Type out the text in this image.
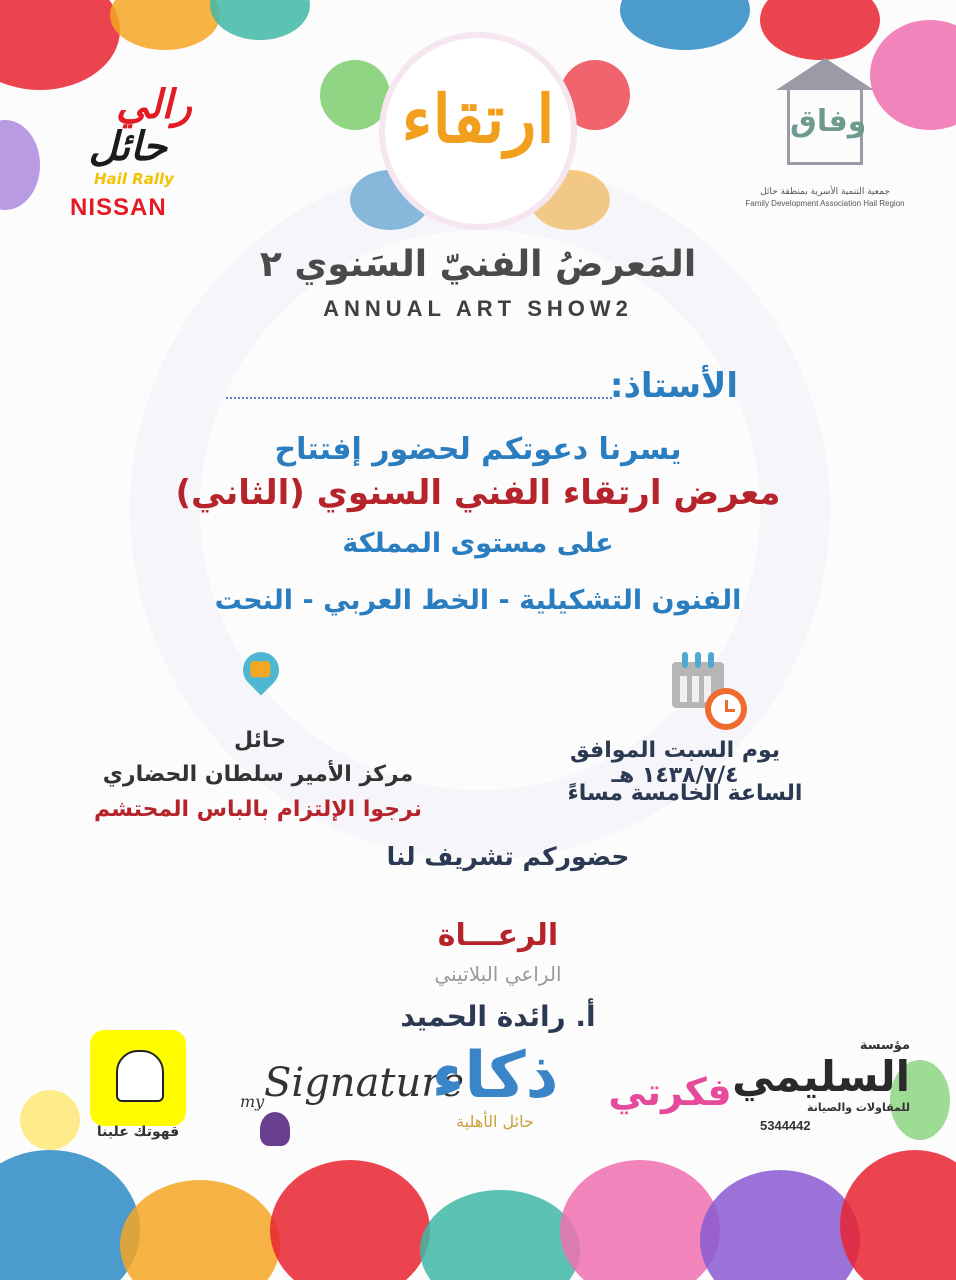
ارتقاء
رالي
حائل
Hail Rally
NISSAN
وفاق
جمعية التنمية الأسرية بمنطقة حائل
Family Development Association Hail Region
المَعرضُ الفنيّ السَنوي ٢
ANNUAL ART SHOW2
الأستاذ:
يسرنا دعوتكم لحضور إفتتاح
معرض ارتقاء الفني السنوي (الثاني)
على مستوى المملكة
الفنون التشكيلية - الخط العربي - النحت
حائل
مركز الأمير سلطان الحضاري
نرجوا الإلتزام بالباس المحتشم
يوم السبت الموافق ١٤٣٨/٧/٤ هـ
الساعة الخامسة مساءً
حضوركم تشريف لنا
الرعـــاة
الراعي البلاتيني
أ. رائدة الحميد
قهوتك علينا
my Signature
ذكاء
حائل الأهلية
فكرتي
مؤسسة
السليمي
للمقاولات والصيانة
5344442
